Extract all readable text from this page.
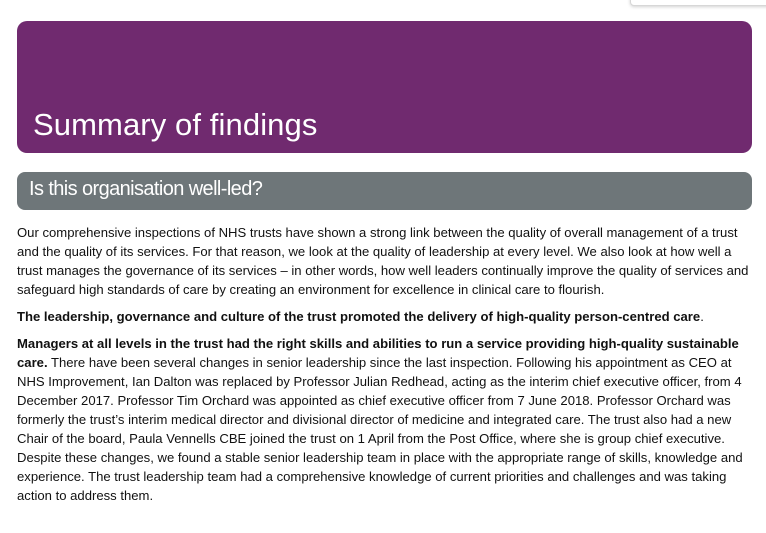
Summary of findings
Is this organisation well-led?

Our comprehensive inspections of NHS trusts have shown a strong link between the quality of overall management of a trust and the quality of its services. For that reason, we look at the quality of leadership at every level. We also look at how well a trust manages the governance of its services – in other words, how well leaders continually improve the quality of services and safeguard high standards of care by creating an environment for excellence in clinical care to flourish.

The leadership, governance and culture of the trust promoted the delivery of high-quality person-centred care.

Managers at all levels in the trust had the right skills and abilities to run a service providing high-quality sustainable care. There have been several changes in senior leadership since the last inspection. Following his appointment as CEO at NHS Improvement, Ian Dalton was replaced by Professor Julian Redhead, acting as the interim chief executive officer, from 4 December 2017. Professor Tim Orchard was appointed as chief executive officer from 7 June 2018. Professor Orchard was formerly the trust’s interim medical director and divisional director of medicine and integrated care. The trust also had a new Chair of the board, Paula Vennells CBE joined the trust on 1 April from the Post Office, where she is group chief executive. Despite these changes, we found a stable senior leadership team in place with the appropriate range of skills, knowledge and experience. The trust leadership team had a comprehensive knowledge of current priorities and challenges and was taking action to address them.
